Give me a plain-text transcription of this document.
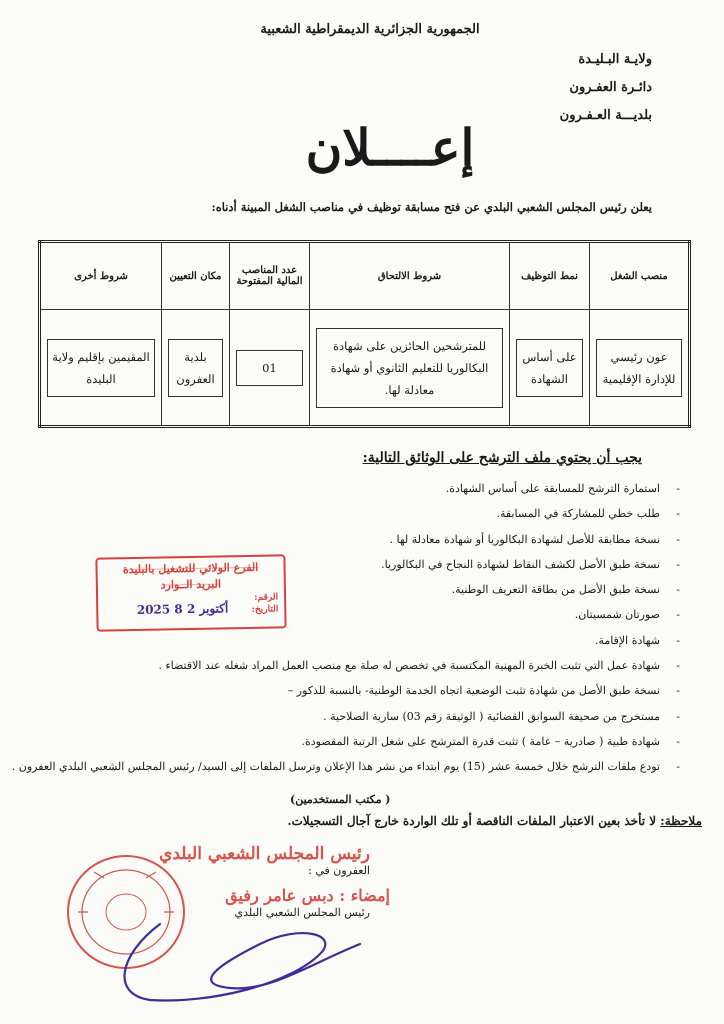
الجمهورية الجزائرية الديمقراطية الشعبية
ولايـة البـليـدة
دائـرة العفـرون
بلديـــة العـفـرون
إعــــلان
يعلن رئيس المجلس الشعبي البلدي عن فتح مسابقة توظيف في مناصب الشغل المبينة أدناه:
منصب الشغل	نمط التوظيف	شروط الالتحاق	عدد المناصب المالية المفتوحة	مكان التعيين	شروط أخرى

عون رئيسي للإدارة الإقليمية	على أساس الشهادة	للمترشحين الحائزين على شهادة البكالوريا للتعليم الثانوي أو شهادة معادلة لها.	01	بلدية العفرون	المقيمين بإقليم ولاية البليدة
يجب أن يحتوي ملف الترشح على الوثائق التالية:
- استمارة الترشح للمسابقة على أساس الشهادة.
- طلب خطي للمشاركة في المسابقة.
- نسخة مطابقة للأصل لشهادة البكالوريا أو شهادة معادلة لها .
- نسخة طبق الأصل لكشف النقاط لشهادة النجاح في البكالوريا.
- نسخة طبق الأصل من بطاقة التعريف الوطنية.
- صورتان شمسيتان.
- شهادة الإقامة.
- شهادة عمل التي تثبت الخبرة المهنية المكتسبة في تخصص له صلة مع منصب العمل المراد شغله عند الاقتضاء .
- نسخة طبق الأصل من شهادة تثبت الوضعية اتجاه الخدمة الوطنية- بالنسبة للذكور –
- مستخرج من صحيفة السوابق القضائية ( الوثيقة رقم 03) سارية الصلاحية .
- شهادة طبية ( صادرية – عامة ) تثبت قدرة المترشح على شغل الرتبة المقصودة.
- تودع ملفات الترشح خلال خمسة عشر (15) يوم ابتداء من نشر هذا الإعلان وترسل الملفات إلى السيد/ رئيس المجلس الشعبي البلدي العفرون .
( مكتب المستخدمين)
ملاحظة: لا تأخذ بعين الاعتبار الملفات الناقصة أو تلك الواردة خارج آجال التسجيلات.
الفرع الولائي للتشغيل بالبليدة
البريد الــوارد
الرقم:
التاريخ:
2025 أكتوبر 2 8
رئيس المجلس الشعبي البلدي
العفرون في :
إمضاء : دبس عامر رفيق
رئيس المجلس الشعبي البلدي
